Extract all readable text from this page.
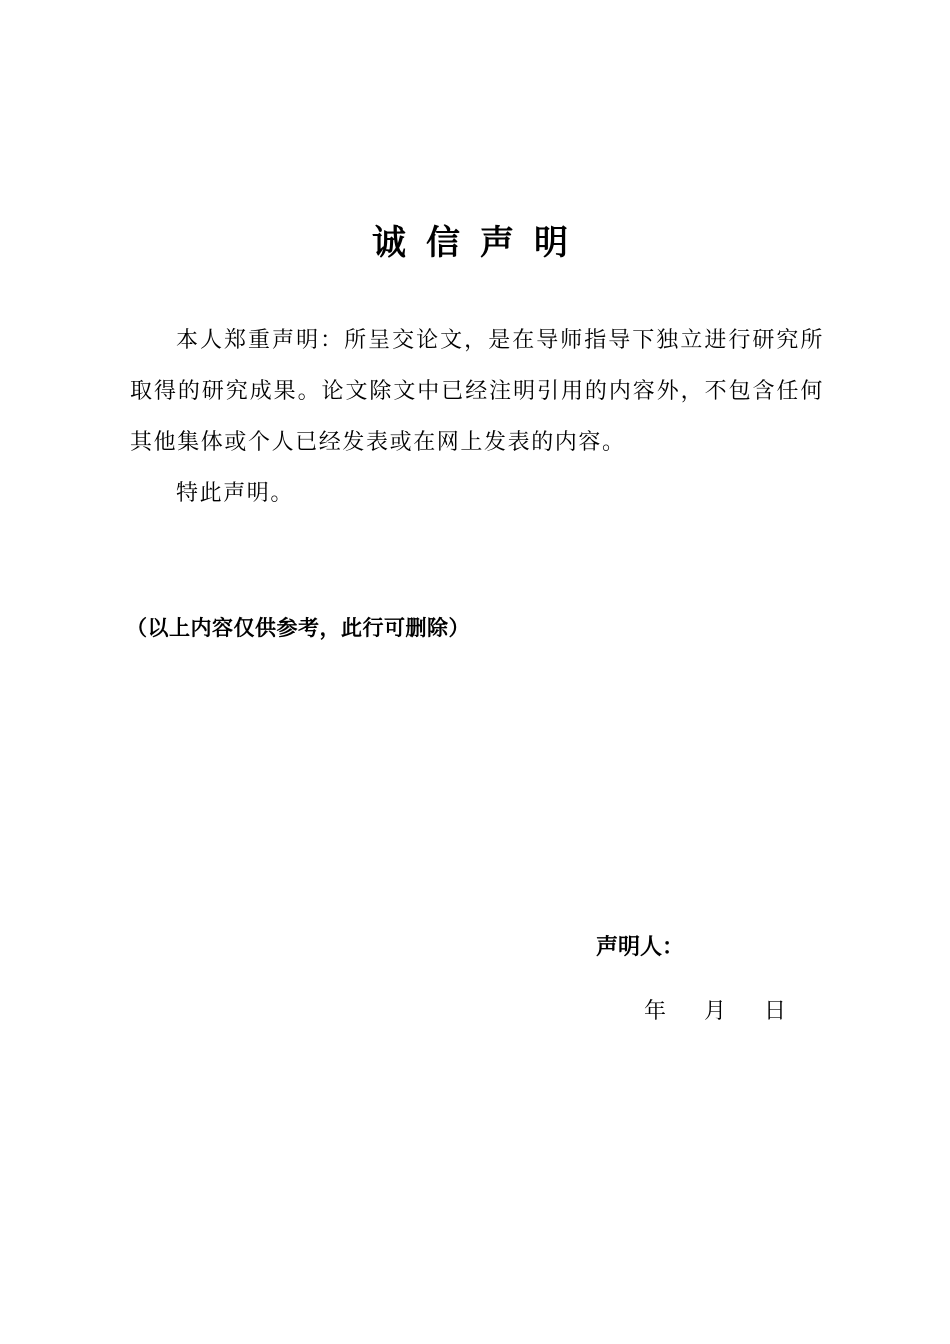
诚信声明

本人郑重声明：所呈交论文，是在导师指导下独立进行研究所取得的研究成果。论文除文中已经注明引用的内容外，不包含任何其他集体或个人已经发表或在网上发表的内容。

特此声明。

（以上内容仅供参考，此行可删除）
声明人：
年 月 日
